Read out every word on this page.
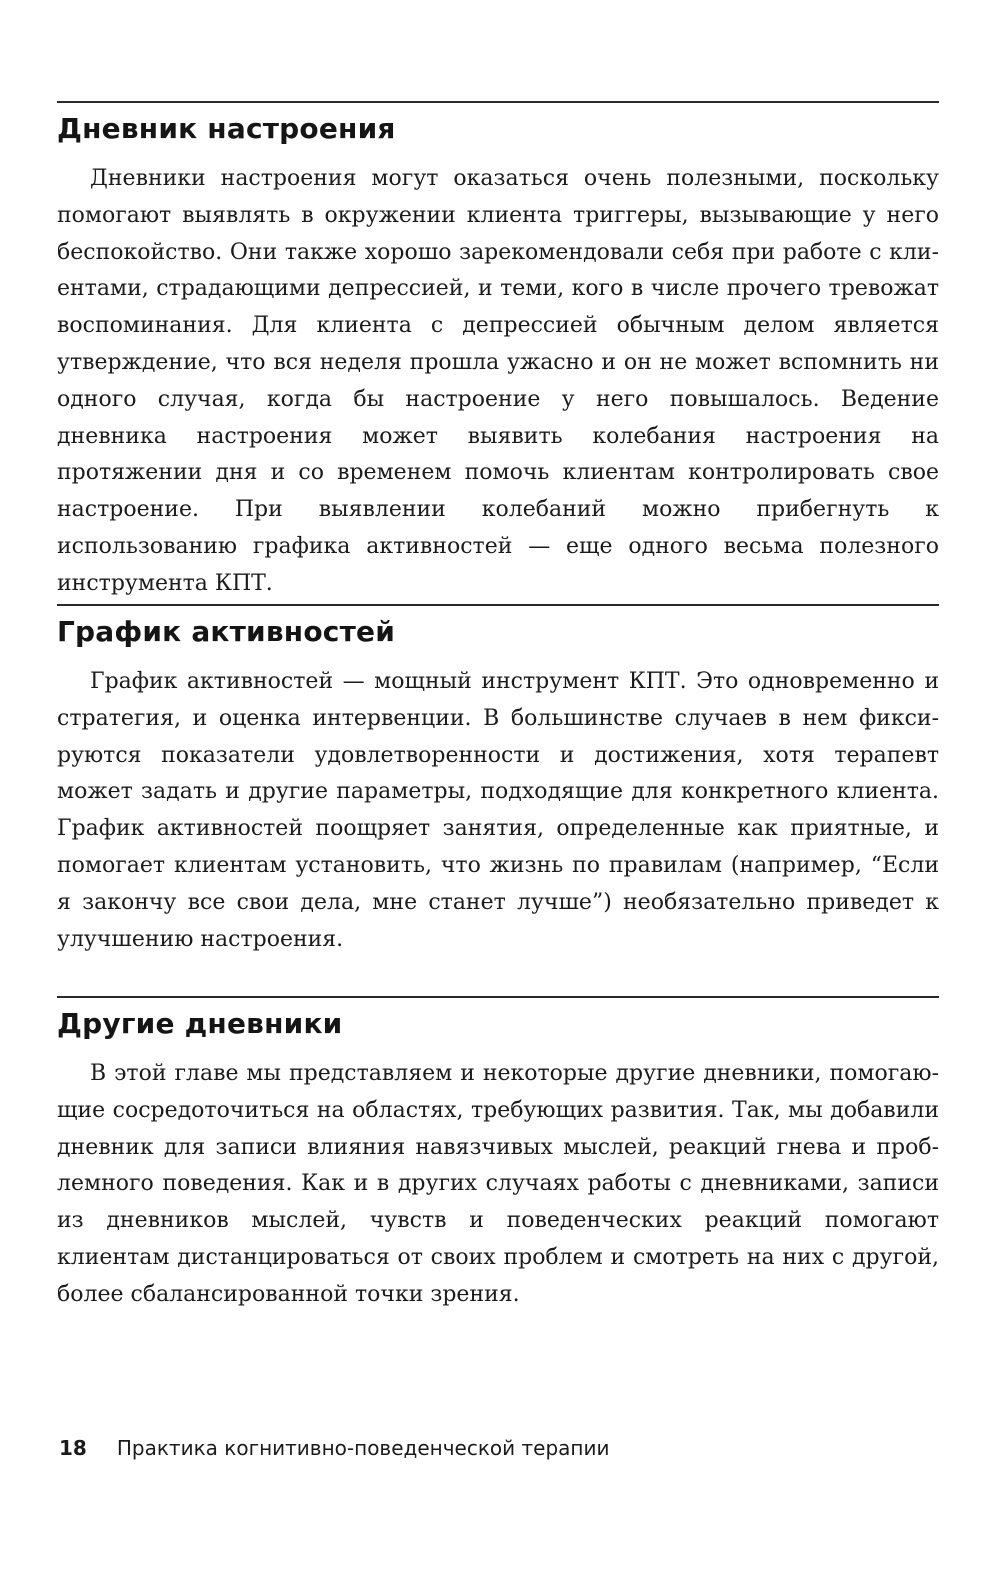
Дневник настроения

Дневники настроения могут оказаться очень полезными, поскольку помогают выявлять в окружении клиента триггеры, вызывающие у него беспокойство. Они также хорошо зарекомендовали себя при работе с клиентами, страдающими депрессией, и теми, кого в числе прочего тревожат воспоминания. Для клиента с депрессией обычным делом является утверждение, что вся неделя прошла ужасно и он не может вспомнить ни одного случая, когда бы настроение у него повышалось. Ведение дневника настроения может выявить колебания настроения на протяжении дня и со временем помочь клиентам контролировать свое настроение. При выявлении колебаний можно прибегнуть к использованию графика активностей — еще одного весьма полезного инструмента КПТ.

График активностей

График активностей — мощный инструмент КПТ. Это одновременно и стратегия, и оценка интервенции. В большинстве случаев в нем фиксируются показатели удовлетворенности и достижения, хотя терапевт может задать и другие параметры, подходящие для конкретного клиента. График активностей поощряет занятия, определенные как приятные, и помогает клиентам установить, что жизнь по правилам (например, “Если я закончу все свои дела, мне станет лучше”) необязательно приведет к улучшению настроения.

Другие дневники

В этой главе мы представляем и некоторые другие дневники, помогающие сосредоточиться на областях, требующих развития. Так, мы добавили дневник для записи влияния навязчивых мыслей, реакций гнева и проблемного поведения. Как и в других случаях работы с дневниками, записи из дневников мыслей, чувств и поведенческих реакций помогают клиентам дистанцироваться от своих проблем и смотреть на них с другой, более сбалансированной точки зрения.

18 Практика когнитивно-поведенческой терапии
